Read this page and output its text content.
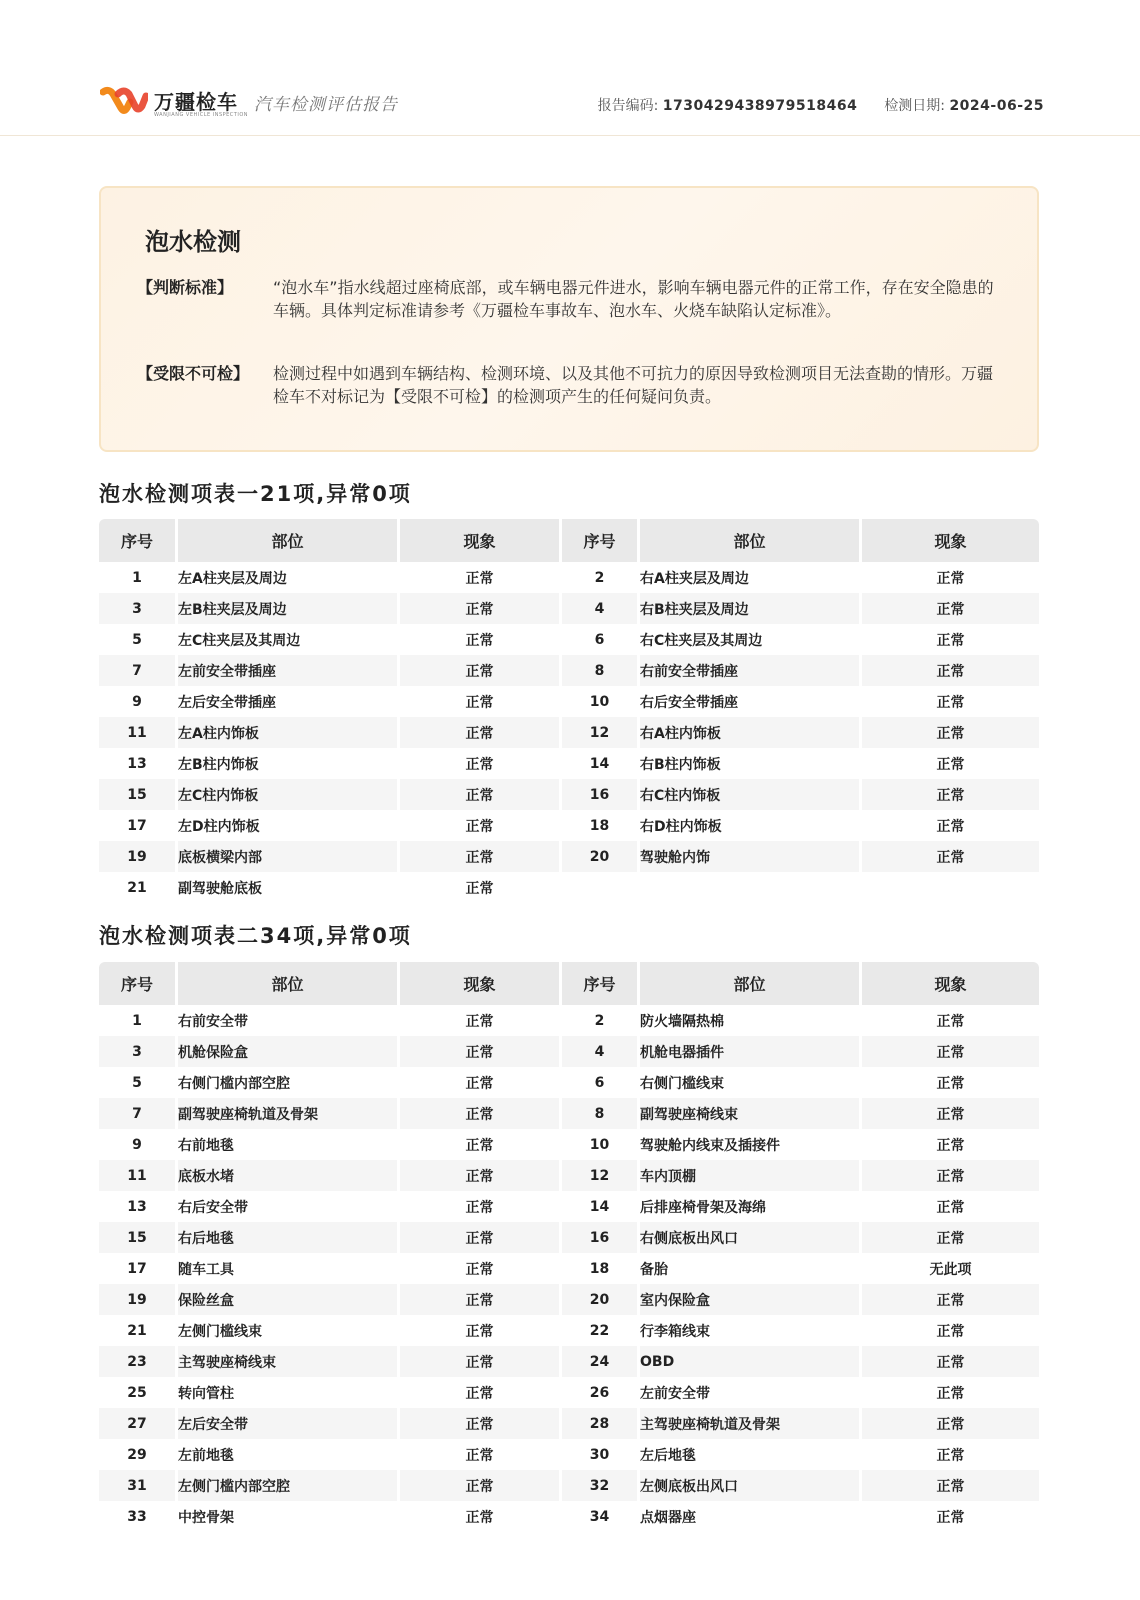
万疆检车
WANJIANG VEHICLE INSPECTION 汽车检测评估报告	报告编码: 1730429438979518464 检测日期: 2024-06-25
泡水检测
【判断标准】	“泡水车”指水线超过座椅底部，或车辆电器元件进水，影响车辆电器元件的正常工作，存在安全隐患的车辆。具体判定标准请参考《万疆检车事故车、泡水车、火烧车缺陷认定标准》。
【受限不可检】	检测过程中如遇到车辆结构、检测环境、以及其他不可抗力的原因导致检测项目无法查勘的情形。万疆检车不对标记为【受限不可检】的检测项产生的任何疑问负责。
泡水检测项表一21项,异常0项
序号	部位	现象	序号	部位	现象
1	左A柱夹层及周边	正常	2	右A柱夹层及周边	正常
3	左B柱夹层及周边	正常	4	右B柱夹层及周边	正常
5	左C柱夹层及其周边	正常	6	右C柱夹层及其周边	正常
7	左前安全带插座	正常	8	右前安全带插座	正常
9	左后安全带插座	正常	10	右后安全带插座	正常
11	左A柱内饰板	正常	12	右A柱内饰板	正常
13	左B柱内饰板	正常	14	右B柱内饰板	正常
15	左C柱内饰板	正常	16	右C柱内饰板	正常
17	左D柱内饰板	正常	18	右D柱内饰板	正常
19	底板横梁内部	正常	20	驾驶舱内饰	正常
21	副驾驶舱底板	正常			
泡水检测项表二34项,异常0项
序号	部位	现象	序号	部位	现象
1	右前安全带	正常	2	防火墙隔热棉	正常
3	机舱保险盒	正常	4	机舱电器插件	正常
5	右侧门槛内部空腔	正常	6	右侧门槛线束	正常
7	副驾驶座椅轨道及骨架	正常	8	副驾驶座椅线束	正常
9	右前地毯	正常	10	驾驶舱内线束及插接件	正常
11	底板水堵	正常	12	车内顶棚	正常
13	右后安全带	正常	14	后排座椅骨架及海绵	正常
15	右后地毯	正常	16	右侧底板出风口	正常
17	随车工具	正常	18	备胎	无此项
19	保险丝盒	正常	20	室内保险盒	正常
21	左侧门槛线束	正常	22	行李箱线束	正常
23	主驾驶座椅线束	正常	24	OBD	正常
25	转向管柱	正常	26	左前安全带	正常
27	左后安全带	正常	28	主驾驶座椅轨道及骨架	正常
29	左前地毯	正常	30	左后地毯	正常
31	左侧门槛内部空腔	正常	32	左侧底板出风口	正常
33	中控骨架	正常	34	点烟器座	正常
